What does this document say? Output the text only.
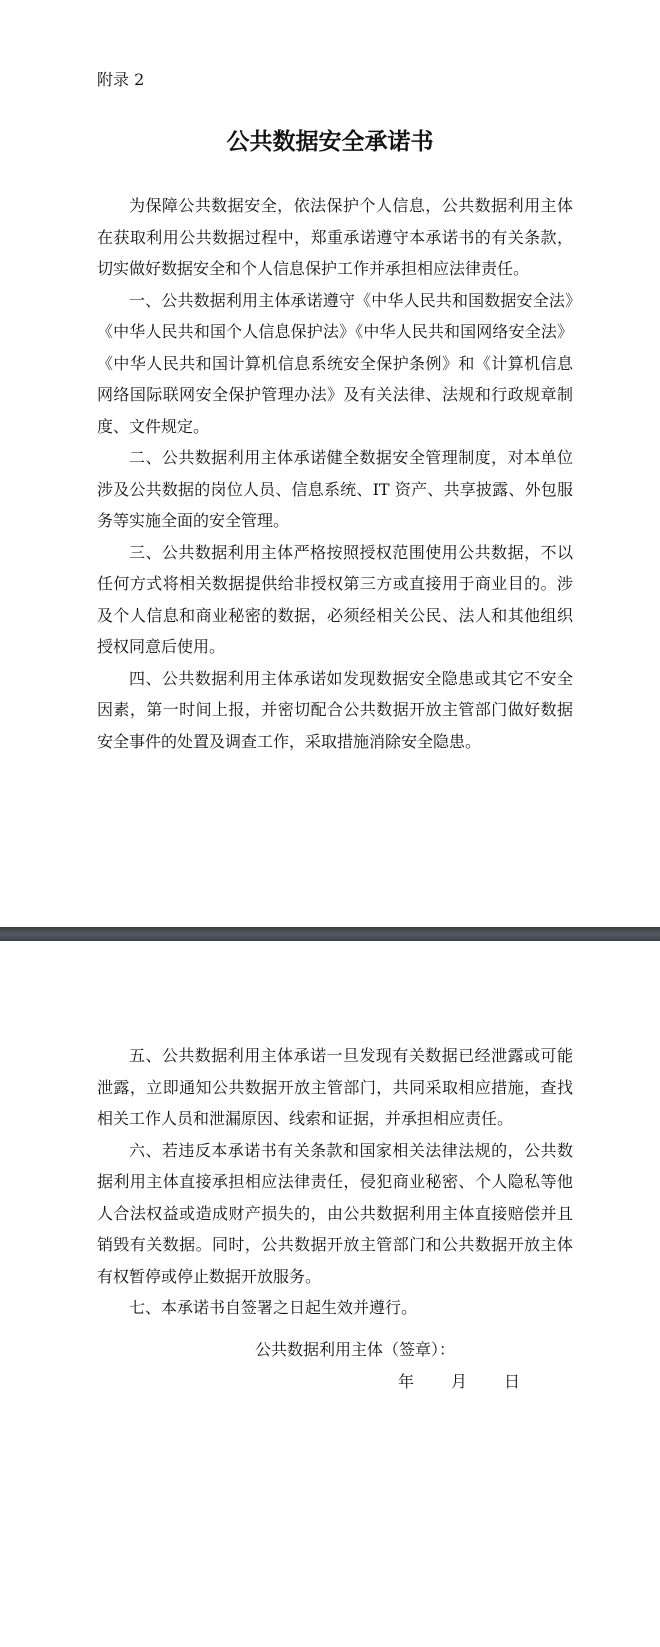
附录 2
公共数据安全承诺书

为保障公共数据安全，依法保护个人信息，公共数据利用主体在获取利用公共数据过程中，郑重承诺遵守本承诺书的有关条款，切实做好数据安全和个人信息保护工作并承担相应法律责任。

一、公共数据利用主体承诺遵守《中华人民共和国数据安全法》《中华人民共和国个人信息保护法》《中华人民共和国网络安全法》《中华人民共和国计算机信息系统安全保护条例》和《计算机信息网络国际联网安全保护管理办法》及有关法律、法规和行政规章制度、文件规定。

二、公共数据利用主体承诺健全数据安全管理制度，对本单位涉及公共数据的岗位人员、信息系统、IT 资产、共享披露、外包服务等实施全面的安全管理。

三、公共数据利用主体严格按照授权范围使用公共数据，不以任何方式将相关数据提供给非授权第三方或直接用于商业目的。涉及个人信息和商业秘密的数据，必须经相关公民、法人和其他组织授权同意后使用。

四、公共数据利用主体承诺如发现数据安全隐患或其它不安全因素，第一时间上报，并密切配合公共数据开放主管部门做好数据安全事件的处置及调查工作，采取措施消除安全隐患。

五、公共数据利用主体承诺一旦发现有关数据已经泄露或可能泄露，立即通知公共数据开放主管部门，共同采取相应措施，查找相关工作人员和泄漏原因、线索和证据，并承担相应责任。

六、若违反本承诺书有关条款和国家相关法律法规的，公共数据利用主体直接承担相应法律责任，侵犯商业秘密、个人隐私等他人合法权益或造成财产损失的，由公共数据利用主体直接赔偿并且销毁有关数据。同时，公共数据开放主管部门和公共数据开放主体有权暂停或停止数据开放服务。

七、本承诺书自签署之日起生效并遵行。

公共数据利用主体（签章）：
年 月 日
